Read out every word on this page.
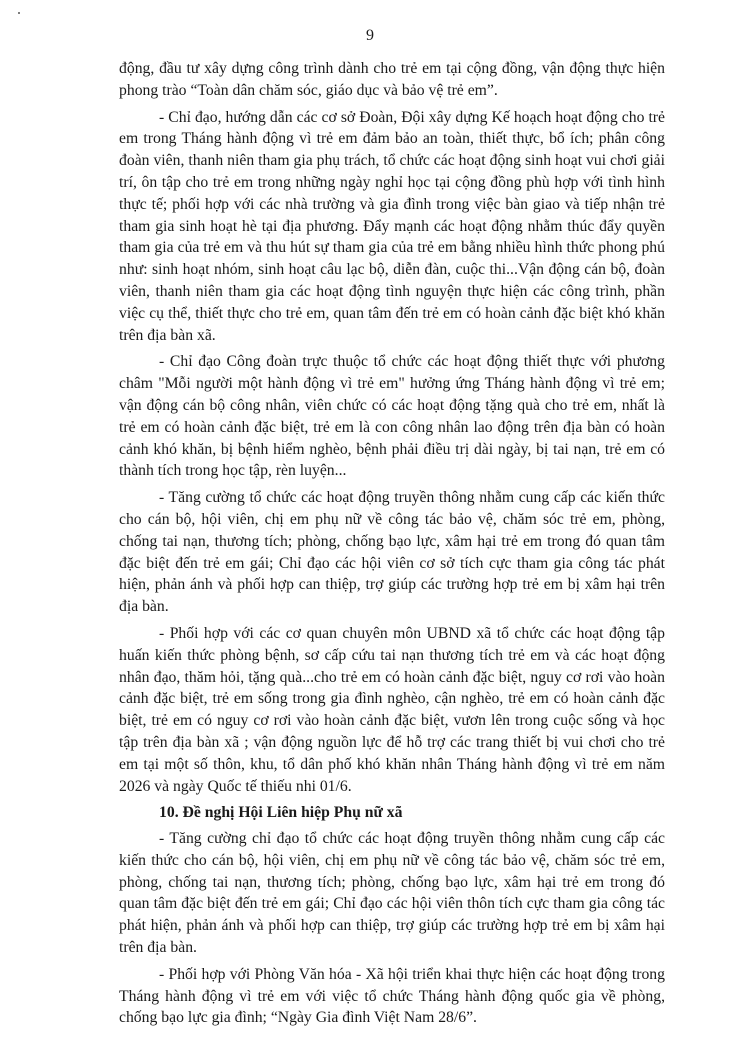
9

động, đầu tư xây dựng công trình dành cho trẻ em tại cộng đồng, vận động thực hiện phong trào “Toàn dân chăm sóc, giáo dục và bảo vệ trẻ em”.

- Chỉ đạo, hướng dẫn các cơ sở Đoàn, Đội xây dựng Kế hoạch hoạt động cho trẻ em trong Tháng hành động vì trẻ em đảm bảo an toàn, thiết thực, bổ ích; phân công đoàn viên, thanh niên tham gia phụ trách, tổ chức các hoạt động sinh hoạt vui chơi giải trí, ôn tập cho trẻ em trong những ngày nghỉ học tại cộng đồng phù hợp với tình hình thực tế; phối hợp với các nhà trường và gia đình trong việc bàn giao và tiếp nhận trẻ tham gia sinh hoạt hè tại địa phương. Đẩy mạnh các hoạt động nhằm thúc đẩy quyền tham gia của trẻ em và thu hút sự tham gia của trẻ em bằng nhiều hình thức phong phú như: sinh hoạt nhóm, sinh hoạt câu lạc bộ, diễn đàn, cuộc thi...Vận động cán bộ, đoàn viên, thanh niên tham gia các hoạt động tình nguyện thực hiện các công trình, phần việc cụ thể, thiết thực cho trẻ em, quan tâm đến trẻ em có hoàn cảnh đặc biệt khó khăn trên địa bàn xã.

- Chỉ đạo Công đoàn trực thuộc tổ chức các hoạt động thiết thực với phương châm "Mỗi người một hành động vì trẻ em" hưởng ứng Tháng hành động vì trẻ em; vận động cán bộ công nhân, viên chức có các hoạt động tặng quà cho trẻ em, nhất là trẻ em có hoàn cảnh đặc biệt, trẻ em là con công nhân lao động trên địa bàn có hoàn cảnh khó khăn, bị bệnh hiểm nghèo, bệnh phải điều trị dài ngày, bị tai nạn, trẻ em có thành tích trong học tập, rèn luyện...

- Tăng cường tổ chức các hoạt động truyền thông nhằm cung cấp các kiến thức cho cán bộ, hội viên, chị em phụ nữ về công tác bảo vệ, chăm sóc trẻ em, phòng, chống tai nạn, thương tích; phòng, chống bạo lực, xâm hại trẻ em trong đó quan tâm đặc biệt đến trẻ em gái; Chỉ đạo các hội viên cơ sở tích cực tham gia công tác phát hiện, phản ánh và phối hợp can thiệp, trợ giúp các trường hợp trẻ em bị xâm hại trên địa bàn.

- Phối hợp với các cơ quan chuyên môn UBND xã tổ chức các hoạt động tập huấn kiến thức phòng bệnh, sơ cấp cứu tai nạn thương tích trẻ em và các hoạt động nhân đạo, thăm hỏi, tặng quà...cho trẻ em có hoàn cảnh đặc biệt, nguy cơ rơi vào hoàn cảnh đặc biệt, trẻ em sống trong gia đình nghèo, cận nghèo, trẻ em có hoàn cảnh đặc biệt, trẻ em có nguy cơ rơi vào hoàn cảnh đặc biệt, vươn lên trong cuộc sống và học tập trên địa bàn xã ; vận động nguồn lực để hỗ trợ các trang thiết bị vui chơi cho trẻ em tại một số thôn, khu, tổ dân phố khó khăn nhân Tháng hành động vì trẻ em năm 2026 và ngày Quốc tế thiếu nhi 01/6.

10. Đề nghị Hội Liên hiệp Phụ nữ xã

- Tăng cường chỉ đạo tổ chức các hoạt động truyền thông nhằm cung cấp các kiến thức cho cán bộ, hội viên, chị em phụ nữ về công tác bảo vệ, chăm sóc trẻ em, phòng, chống tai nạn, thương tích; phòng, chống bạo lực, xâm hại trẻ em trong đó quan tâm đặc biệt đến trẻ em gái; Chỉ đạo các hội viên thôn tích cực tham gia công tác phát hiện, phản ánh và phối hợp can thiệp, trợ giúp các trường hợp trẻ em bị xâm hại trên địa bàn.

- Phối hợp với Phòng Văn hóa - Xã hội triển khai thực hiện các hoạt động trong Tháng hành động vì trẻ em với việc tổ chức Tháng hành động quốc gia về phòng, chống bạo lực gia đình; “Ngày Gia đình Việt Nam 28/6”.
